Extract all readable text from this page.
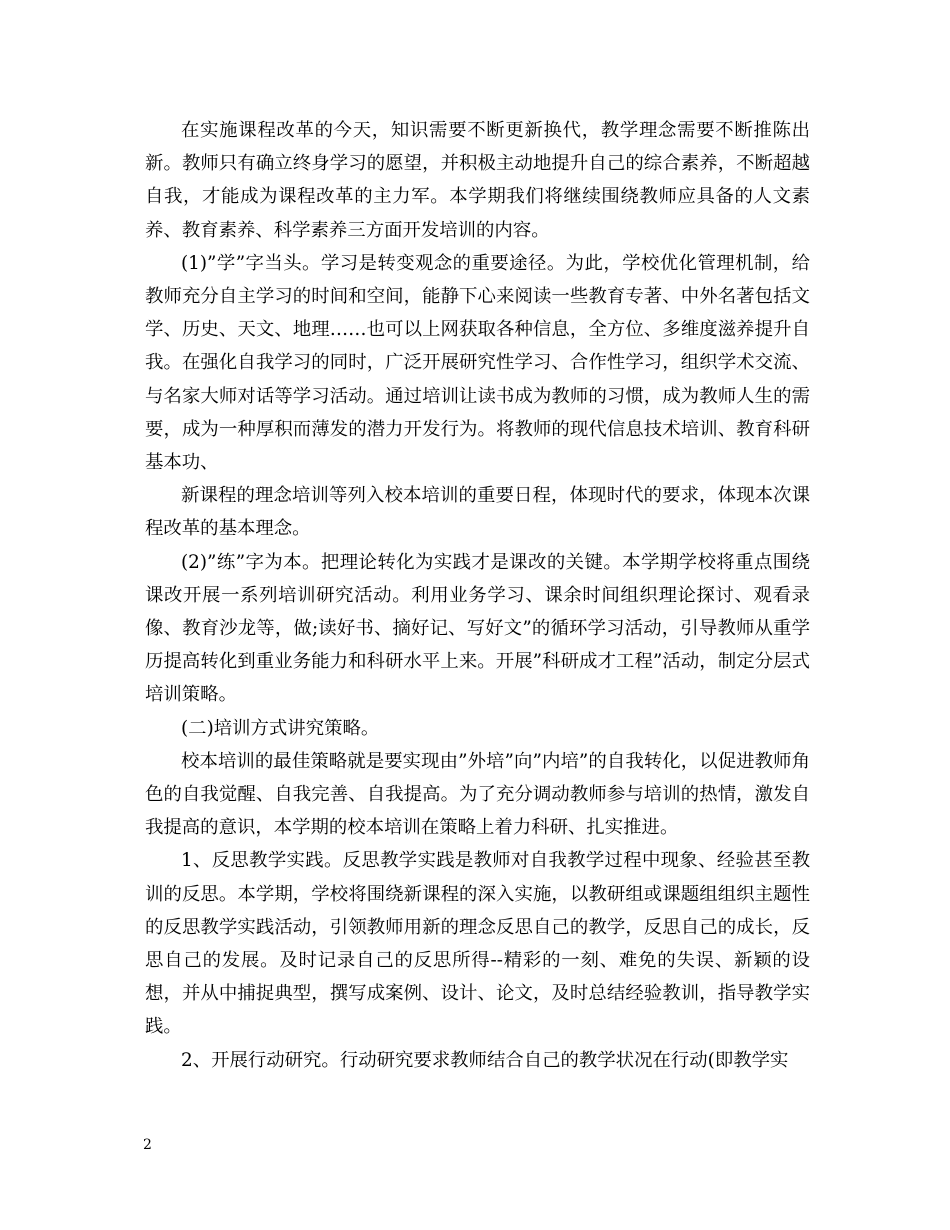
在实施课程改革的今天，知识需要不断更新换代，教学理念需要不断推陈出新。教师只有确立终身学习的愿望，并积极主动地提升自己的综合素养，不断超越自我，才能成为课程改革的主力军。本学期我们将继续围绕教师应具备的人文素养、教育素养、科学素养三方面开发培训的内容。

(1)”学”字当头。学习是转变观念的重要途径。为此，学校优化管理机制，给教师充分自主学习的时间和空间，能静下心来阅读一些教育专著、中外名著包括文学、历史、天文、地理……也可以上网获取各种信息，全方位、多维度滋养提升自我。在强化自我学习的同时，广泛开展研究性学习、合作性学习，组织学术交流、与名家大师对话等学习活动。通过培训让读书成为教师的习惯，成为教师人生的需要，成为一种厚积而薄发的潜力开发行为。将教师的现代信息技术培训、教育科研基本功、

新课程的理念培训等列入校本培训的重要日程，体现时代的要求，体现本次课程改革的基本理念。

(2)”练”字为本。把理论转化为实践才是课改的关键。本学期学校将重点围绕课改开展一系列培训研究活动。利用业务学习、课余时间组织理论探讨、观看录像、教育沙龙等，做;读好书、摘好记、写好文”的循环学习活动，引导教师从重学历提高转化到重业务能力和科研水平上来。开展”科研成才工程”活动，制定分层式培训策略。

(二)培训方式讲究策略。

校本培训的最佳策略就是要实现由”外培”向”内培”的自我转化，以促进教师角色的自我觉醒、自我完善、自我提高。为了充分调动教师参与培训的热情，激发自我提高的意识，本学期的校本培训在策略上着力科研、扎实推进。

1、反思教学实践。反思教学实践是教师对自我教学过程中现象、经验甚至教训的反思。本学期，学校将围绕新课程的深入实施，以教研组或课题组组织主题性的反思教学实践活动，引领教师用新的理念反思自己的教学，反思自己的成长，反思自己的发展。及时记录自己的反思所得--精彩的一刻、难免的失误、新颖的设想，并从中捕捉典型，撰写成案例、设计、论文，及时总结经验教训，指导教学实践。

2、开展行动研究。行动研究要求教师结合自己的教学状况在行动(即教学实

2
